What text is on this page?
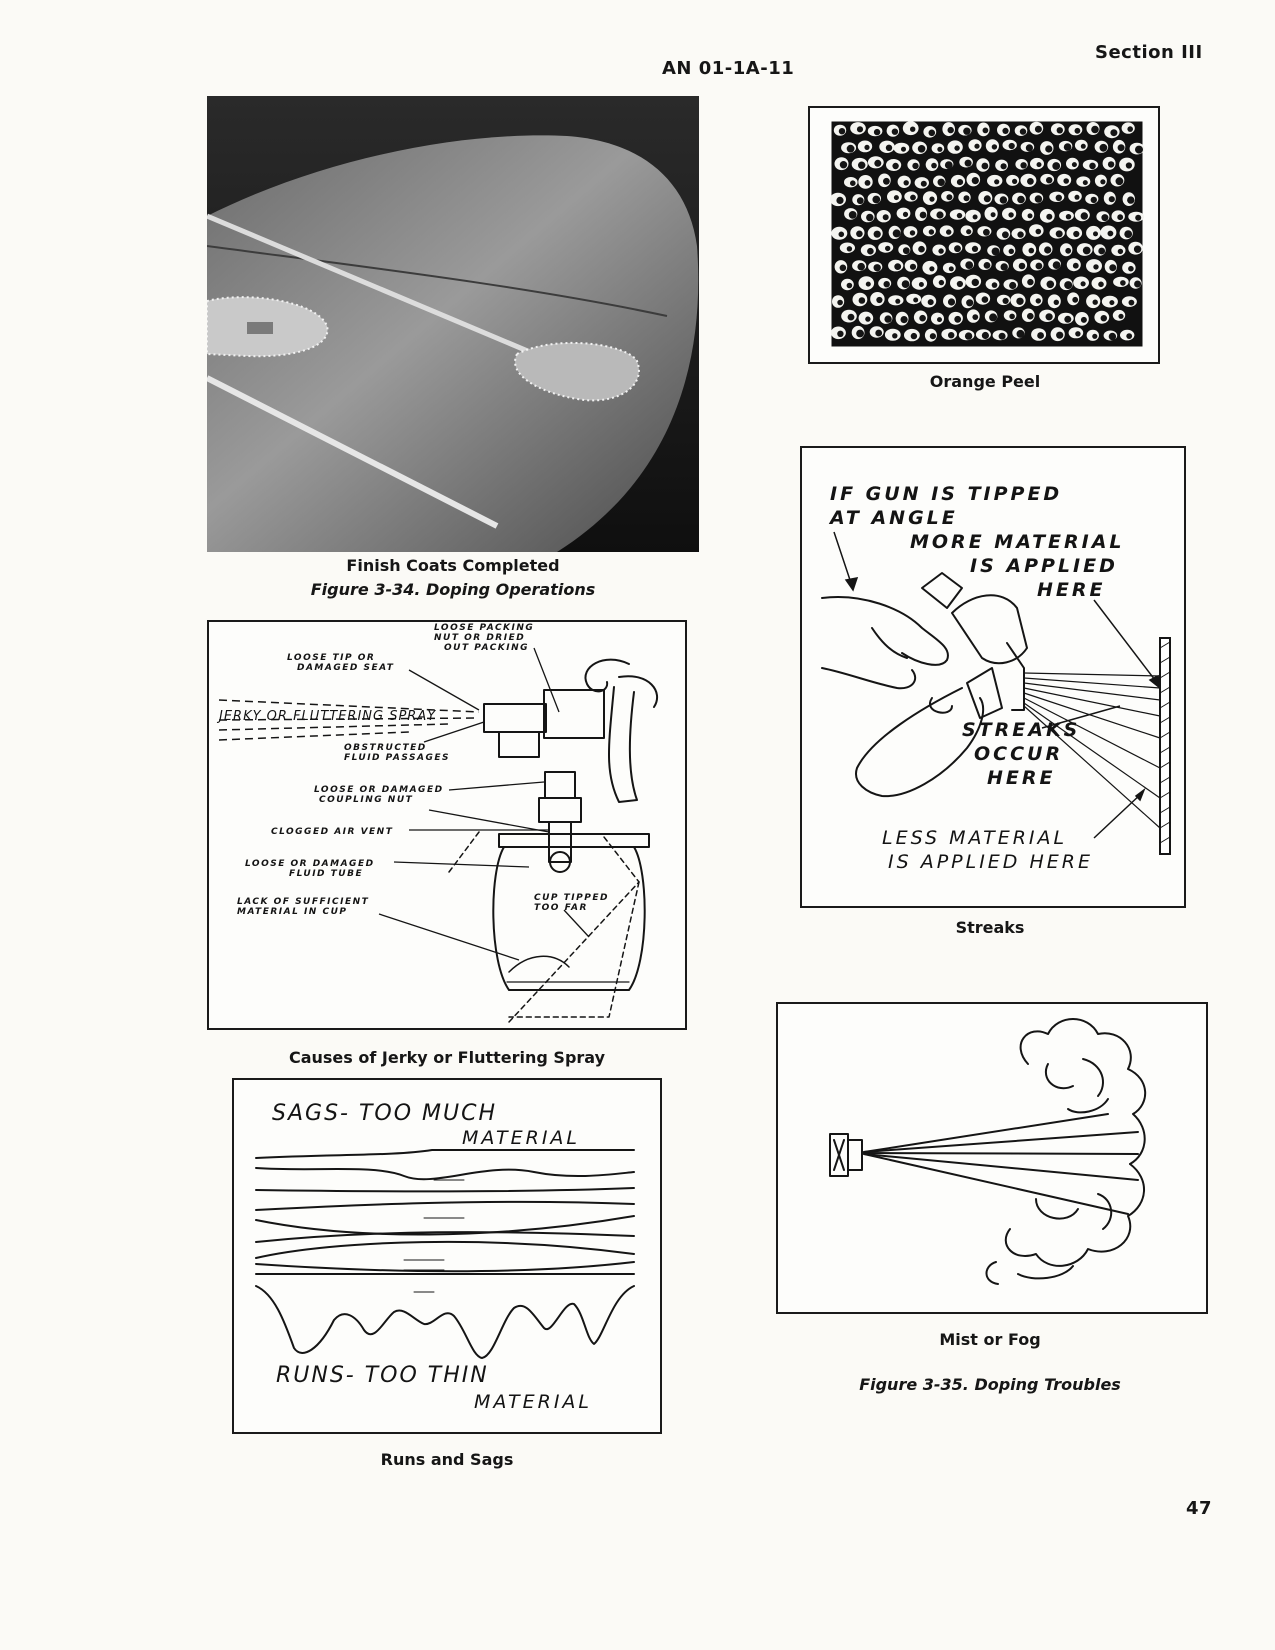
AN 01-1A-11
Section III
Finish Coats Completed
Figure 3-34. Doping Operations
LOOSE PACKING
NUT OR DRIED
OUT PACKING
LOOSE TIP OR
DAMAGED SEAT
JERKY OR FLUTTERING SPRAY
OBSTRUCTED
FLUID PASSAGES
LOOSE OR DAMAGED
COUPLING NUT
CLOGGED AIR VENT
LOOSE OR DAMAGED
FLUID TUBE
LACK OF SUFFICIENT
MATERIAL IN CUP
CUP TIPPED
TOO FAR
Causes of Jerky or Fluttering Spray
SAGS- TOO MUCH
MATERIAL
RUNS- TOO THIN
MATERIAL
Runs and Sags
Orange Peel
IF GUN IS TIPPED
AT ANGLE
MORE MATERIAL
IS APPLIED
HERE
STREAKS
OCCUR
HERE
LESS MATERIAL
IS APPLIED HERE
Streaks
Mist or Fog
Figure 3-35. Doping Troubles
47
